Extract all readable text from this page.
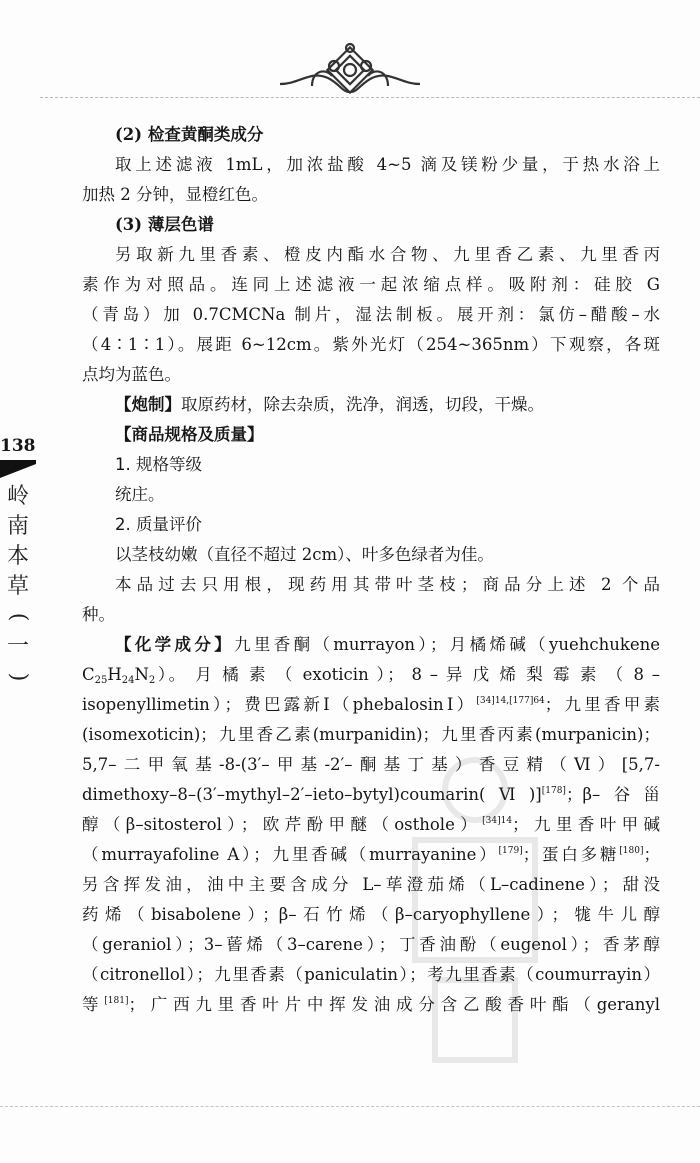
138
岭
南
本
草
(
一
)
(2) 检查黄酮类成分
取上述滤液 1mL，加浓盐酸 4~5 滴及镁粉少量，于热水浴上
加热 2 分钟，显橙红色。
(3) 薄层色谱
另取新九里香素、橙皮内酯水合物、九里香乙素、九里香丙
素作为对照品。连同上述滤液一起浓缩点样。吸附剂：硅胶 G
（青岛）加 0.7CMCNa 制片，湿法制板。展开剂：氯仿–醋酸–水
（4∶1∶1）。展距 6~12cm。紫外光灯（254~365nm）下观察，各斑
点均为蓝色。
【炮制】取原药材，除去杂质，洗净，润透，切段，干燥。
【商品规格及质量】
1. 规格等级
统庄。
2. 质量评价
以茎枝幼嫩（直径不超过 2cm）、叶多色绿者为佳。
本品过去只用根，现药用其带叶茎枝；商品分上述 2 个品
种。
【化学成分】九里香酮（murrayon）；月橘烯碱（yuehchukene
$C_{25}H_{24}N_2$）。 月 橘 素 （ exoticin ）； 8 – 异 戊 烯 梨 霉 素 （ 8 –
isopenyllimetin）；费巴露新Ⅰ（phebalosinⅠ）$^{[34]14,[177]64}$；九里香甲素
(isomexoticin)；九里香乙素(murpanidin)；九里香丙素(murpanicin)；
5,7–二甲氧基-8-(3′–甲基-2′–酮基丁基）香豆精（Ⅵ）[5,7-
dimethoxy–8–(3′–mythyl–2′–ieto–bytyl)coumarin(Ⅵ)][178]；β–谷甾
醇（β–sitosterol）；欧芹酚甲醚（osthole）$^{[34]14}$；九里香叶甲碱
（murrayafoline A）；九里香碱（murrayanine）[179]；蛋白多糖[180]；
另含挥发油，油中主要含成分 L–荜澄茄烯（L–cadinene）；甜没
药烯（bisabolene）；β–石竹烯（β–caryophyllene）；牻牛儿醇
（geraniol）；3–蒈烯（3–carene）；丁香油酚（eugenol）；香茅醇
（citronellol）；九里香素（paniculatin）；考九里香素（coumurrayin）
等[181]；广西九里香叶片中挥发油成分含乙酸香叶酯（geranyl
